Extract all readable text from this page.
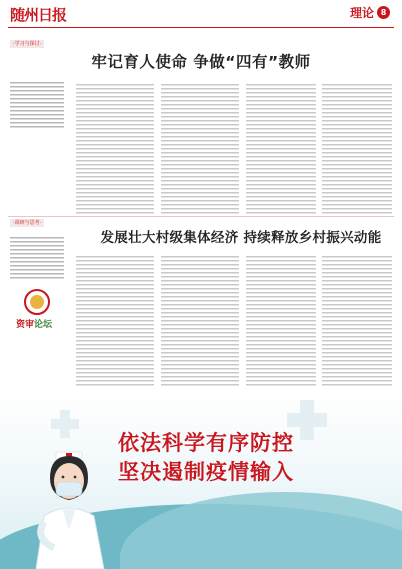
随州日报	理论 8
·学习与探讨·
牢记育人使命 争做“四有”教师
·调研与思考·
发展壮大村级集体经济 持续释放乡村振兴动能
资审论坛
依法科学有序防控
坚决遏制疫情输入
